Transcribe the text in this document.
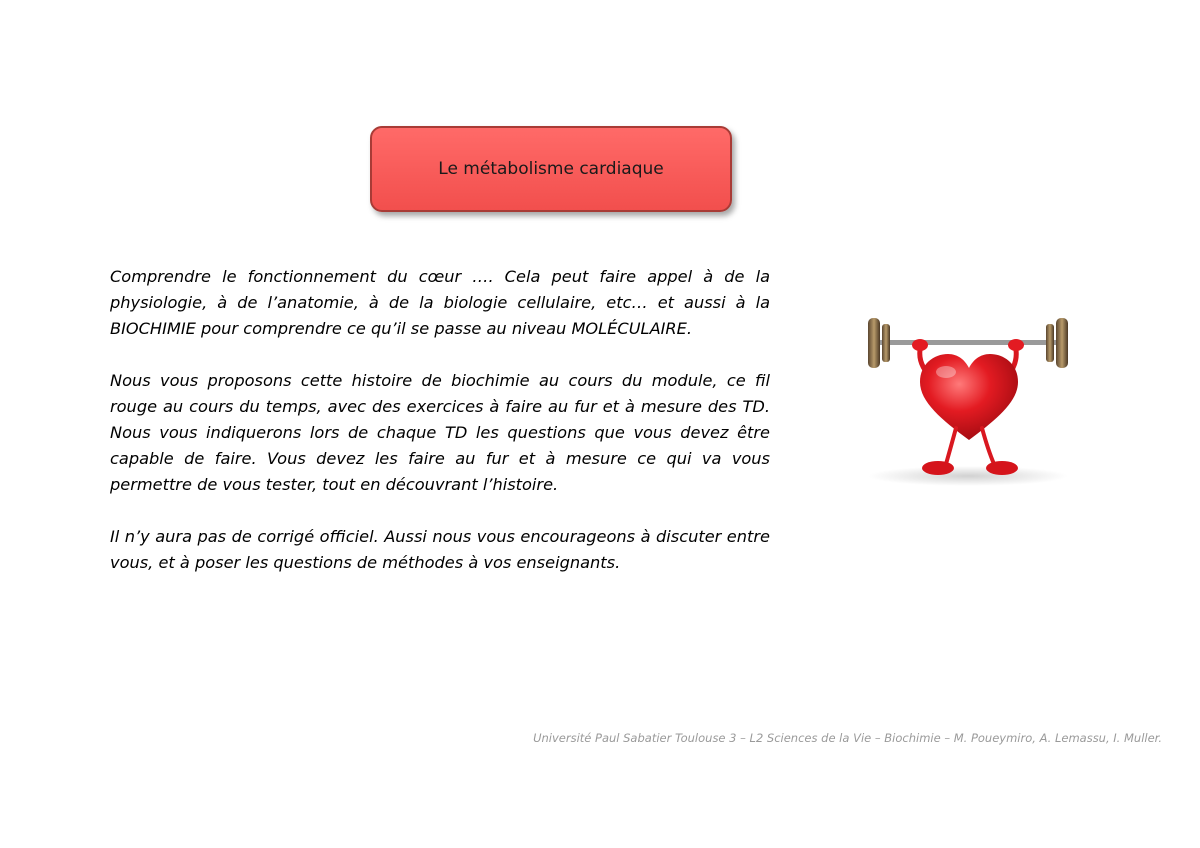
Le métabolisme cardiaque

Comprendre le fonctionnement du cœur …. Cela peut faire appel à de la physiologie, à de l’anatomie, à de la biologie cellulaire, etc… et aussi à la BIOCHIMIE pour comprendre ce qu’il se passe au niveau MOLÉCULAIRE.

Nous vous proposons cette histoire de biochimie au cours du module, ce fil rouge au cours du temps, avec des exercices à faire au fur et à mesure des TD. Nous vous indiquerons lors de chaque TD les questions que vous devez être capable de faire. Vous devez les faire au fur et à mesure ce qui va vous permettre de vous tester, tout en découvrant l’histoire.

Il n’y aura pas de corrigé officiel. Aussi nous vous encourageons à discuter entre vous, et à poser les questions de méthodes à vos enseignants.

Université Paul Sabatier Toulouse 3 – L2 Sciences de la Vie – Biochimie – M. Poueymiro, A. Lemassu, I. Muller.
